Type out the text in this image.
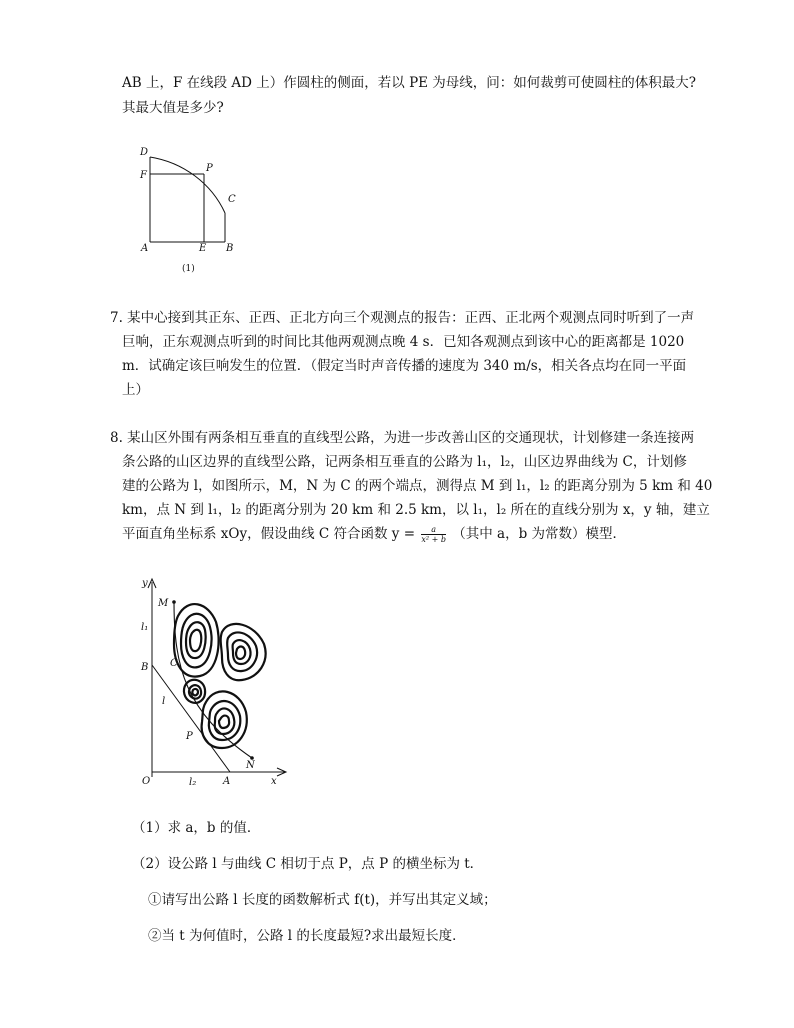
AB 上，F 在线段 AD 上）作圆柱的侧面，若以 PE 为母线，问：如何裁剪可使圆柱的体积最大?
其最大值是多少?
D
F
P
C
A	E B
(1)
7. 某中心接到其正东、正西、正北方向三个观测点的报告：正西、正北两个观测点同时听到了一声
巨响，正东观测点听到的时间比其他两观测点晚 4 s．已知各观测点到该中心的距离都是 1020
m．试确定该巨响发生的位置．（假定当时声音传播的速度为 340 m/s，相关各点均在同一平面
上）
8. 某山区外围有两条相互垂直的直线型公路，为进一步改善山区的交通现状，计划修建一条连接两
条公路的山区边界的直线型公路，记两条相互垂直的公路为 l₁，l₂，山区边界曲线为 C，计划修
建的公路为 l，如图所示，M，N 为 C 的两个端点，测得点 M 到 l₁，l₂ 的距离分别为 5 km 和 40
km，点 N 到 l₁，l₂ 的距离分别为 20 km 和 2.5 km，以 l₁，l₂ 所在的直线分别为 x，y 轴，建立
平面直角坐标系 xOy，假设曲线 C 符合函数 $y = \frac{a}{\text{x² + b}}$ （其中 a，b 为常数）模型．
y
M
l₁
B C
l
P
N
O	l₂	A	x
（1）求 a，b 的值．
（2）设公路 l 与曲线 C 相切于点 P，点 P 的横坐标为 t．
①请写出公路 l 长度的函数解析式 f(t)，并写出其定义域；
②当 t 为何值时，公路 l 的长度最短?求出最短长度．
